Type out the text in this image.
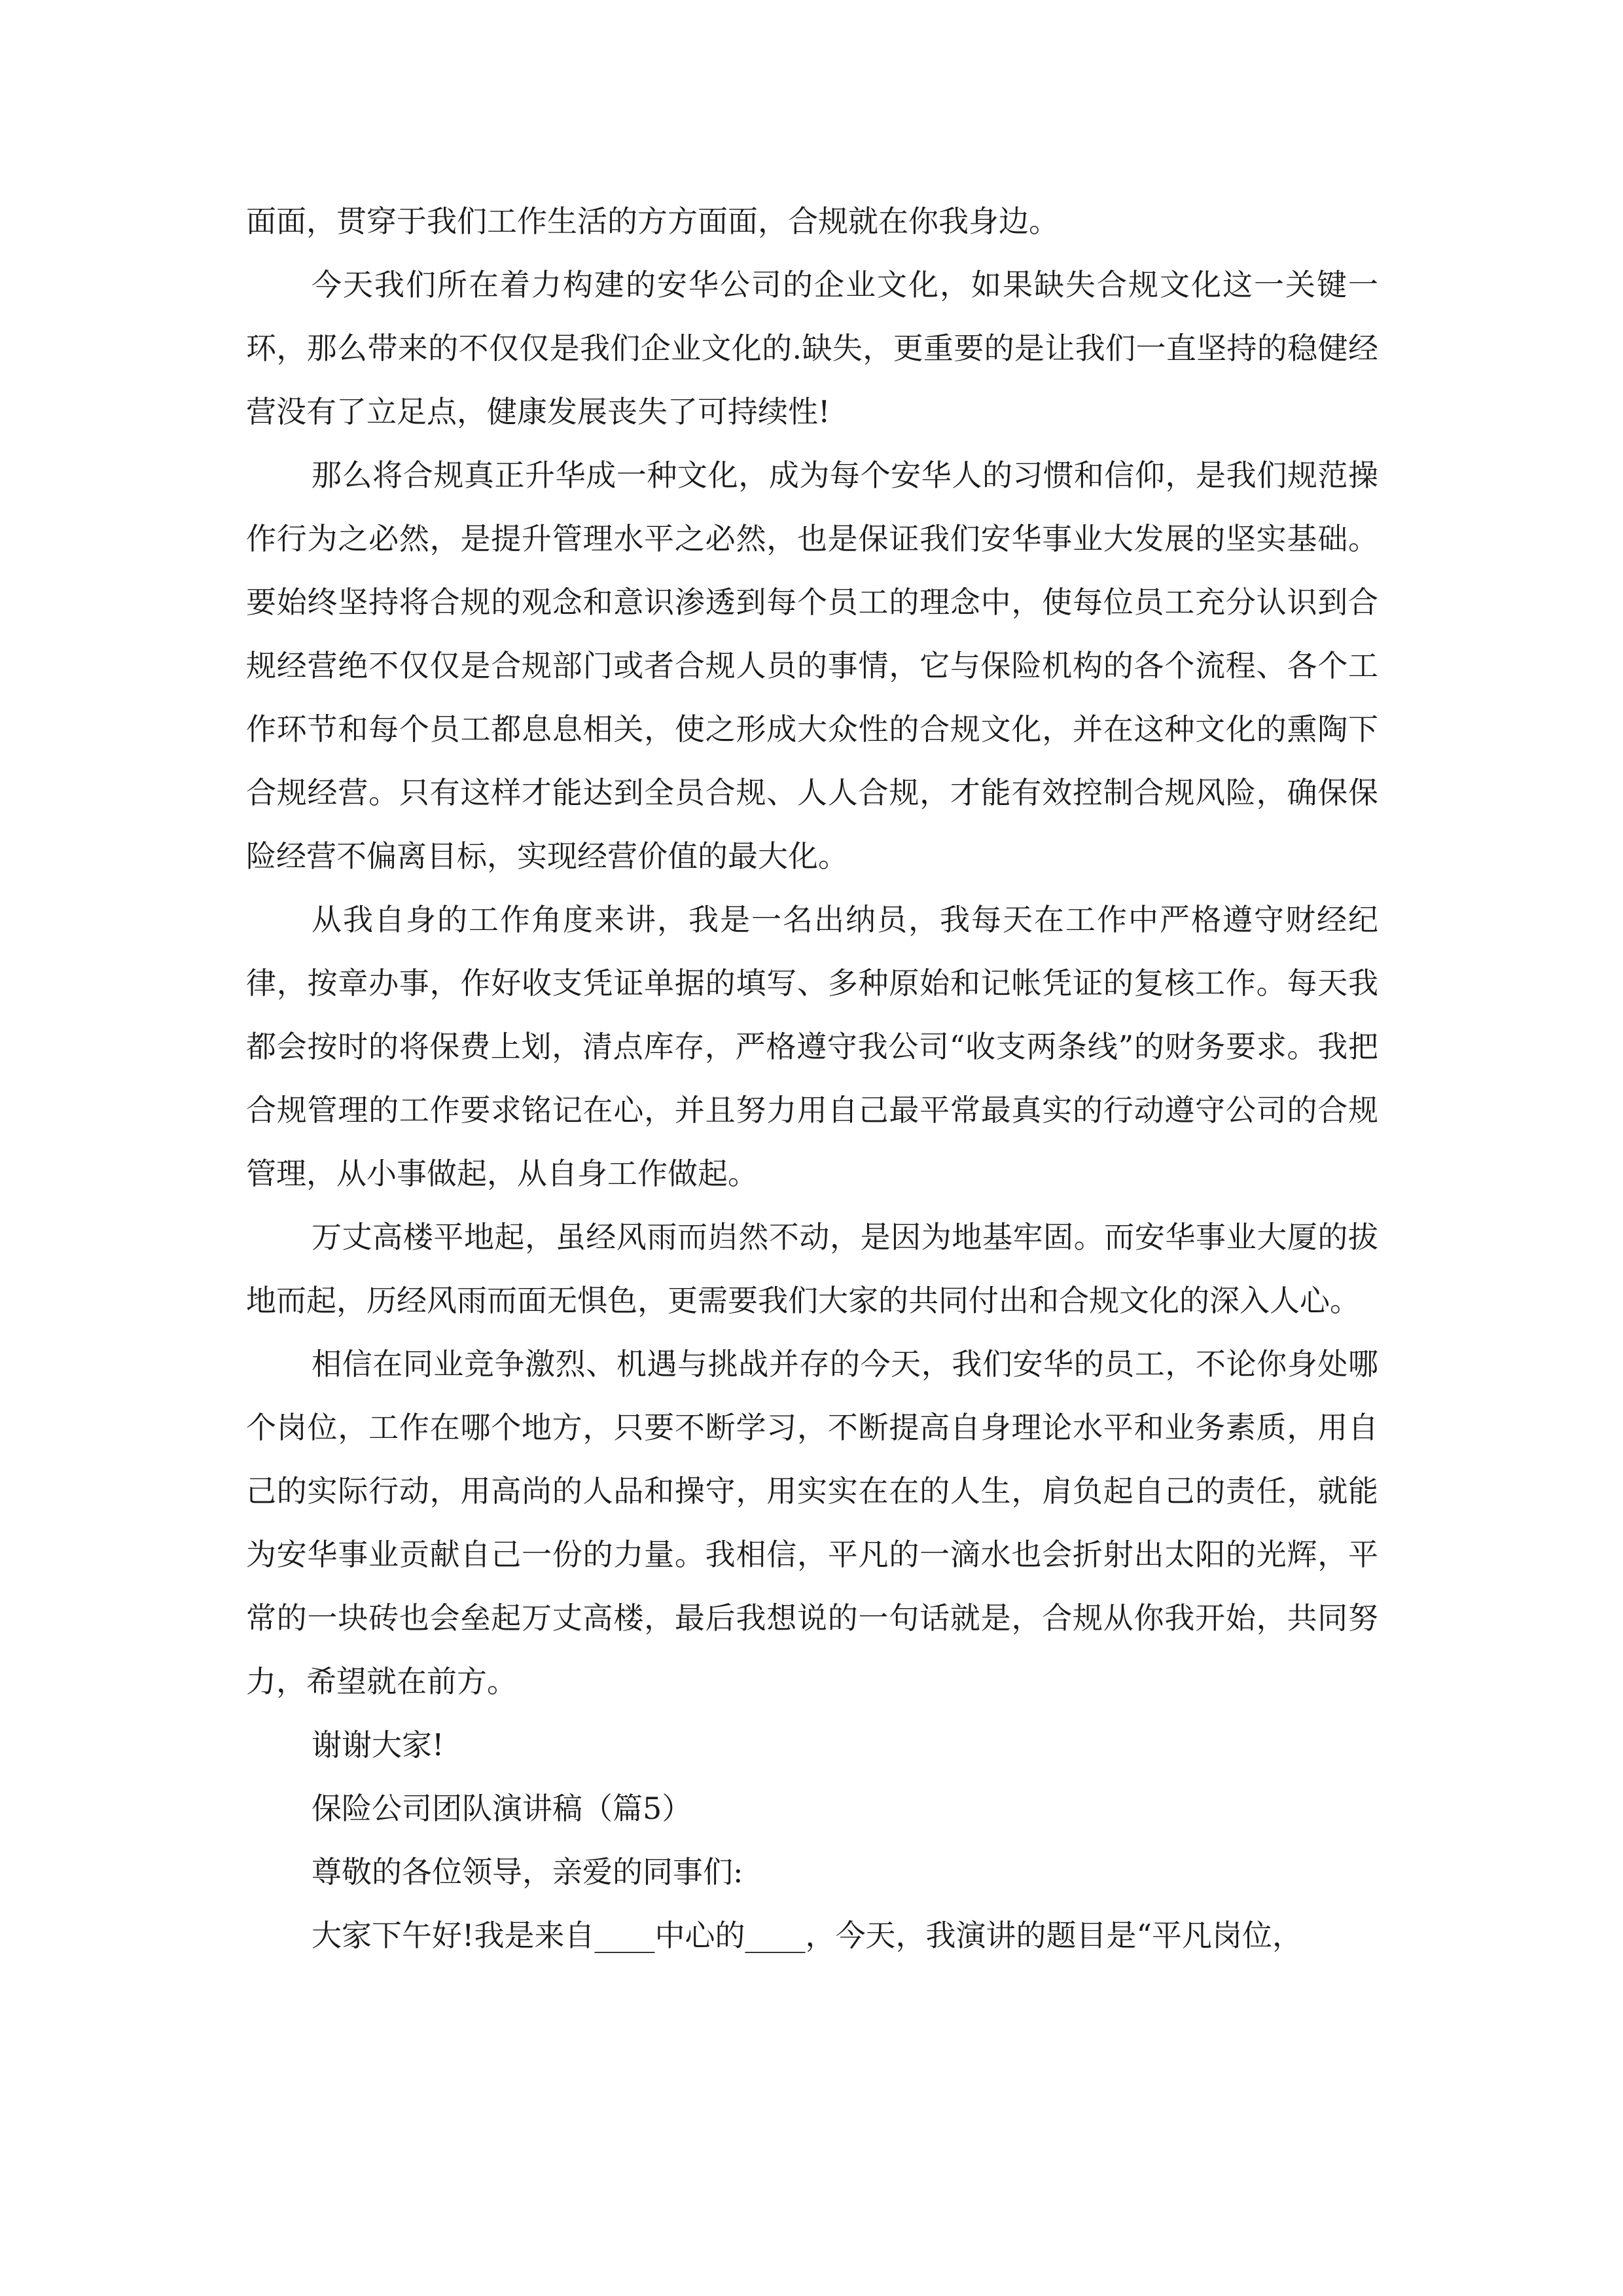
面面，贯穿于我们工作生活的方方面面，合规就在你我身边。

今天我们所在着力构建的安华公司的企业文化，如果缺失合规文化这一关键一环，那么带来的不仅仅是我们企业文化的.缺失，更重要的是让我们一直坚持的稳健经营没有了立足点，健康发展丧失了可持续性!

那么将合规真正升华成一种文化，成为每个安华人的习惯和信仰，是我们规范操作行为之必然，是提升管理水平之必然，也是保证我们安华事业大发展的坚实基础。要始终坚持将合规的观念和意识渗透到每个员工的理念中，使每位员工充分认识到合规经营绝不仅仅是合规部门或者合规人员的事情，它与保险机构的各个流程、各个工作环节和每个员工都息息相关，使之形成大众性的合规文化，并在这种文化的熏陶下合规经营。只有这样才能达到全员合规、人人合规，才能有效控制合规风险，确保保险经营不偏离目标，实现经营价值的最大化。

从我自身的工作角度来讲，我是一名出纳员，我每天在工作中严格遵守财经纪律，按章办事，作好收支凭证单据的填写、多种原始和记帐凭证的复核工作。每天我都会按时的将保费上划，清点库存，严格遵守我公司“收支两条线”的财务要求。我把合规管理的工作要求铭记在心，并且努力用自己最平常最真实的行动遵守公司的合规管理，从小事做起，从自身工作做起。

万丈高楼平地起，虽经风雨而岿然不动，是因为地基牢固。而安华事业大厦的拔地而起，历经风雨而面无惧色，更需要我们大家的共同付出和合规文化的深入人心。

相信在同业竞争激烈、机遇与挑战并存的今天，我们安华的员工，不论你身处哪个岗位，工作在哪个地方，只要不断学习，不断提高自身理论水平和业务素质，用自己的实际行动，用高尚的人品和操守，用实实在在的人生，肩负起自己的责任，就能为安华事业贡献自己一份的力量。我相信，平凡的一滴水也会折射出太阳的光辉，平常的一块砖也会垒起万丈高楼，最后我想说的一句话就是，合规从你我开始，共同努力，希望就在前方。

谢谢大家!

保险公司团队演讲稿（篇5）

尊敬的各位领导，亲爱的同事们:

大家下午好!我是来自____中心的____，今天，我演讲的题目是“平凡岗位，
